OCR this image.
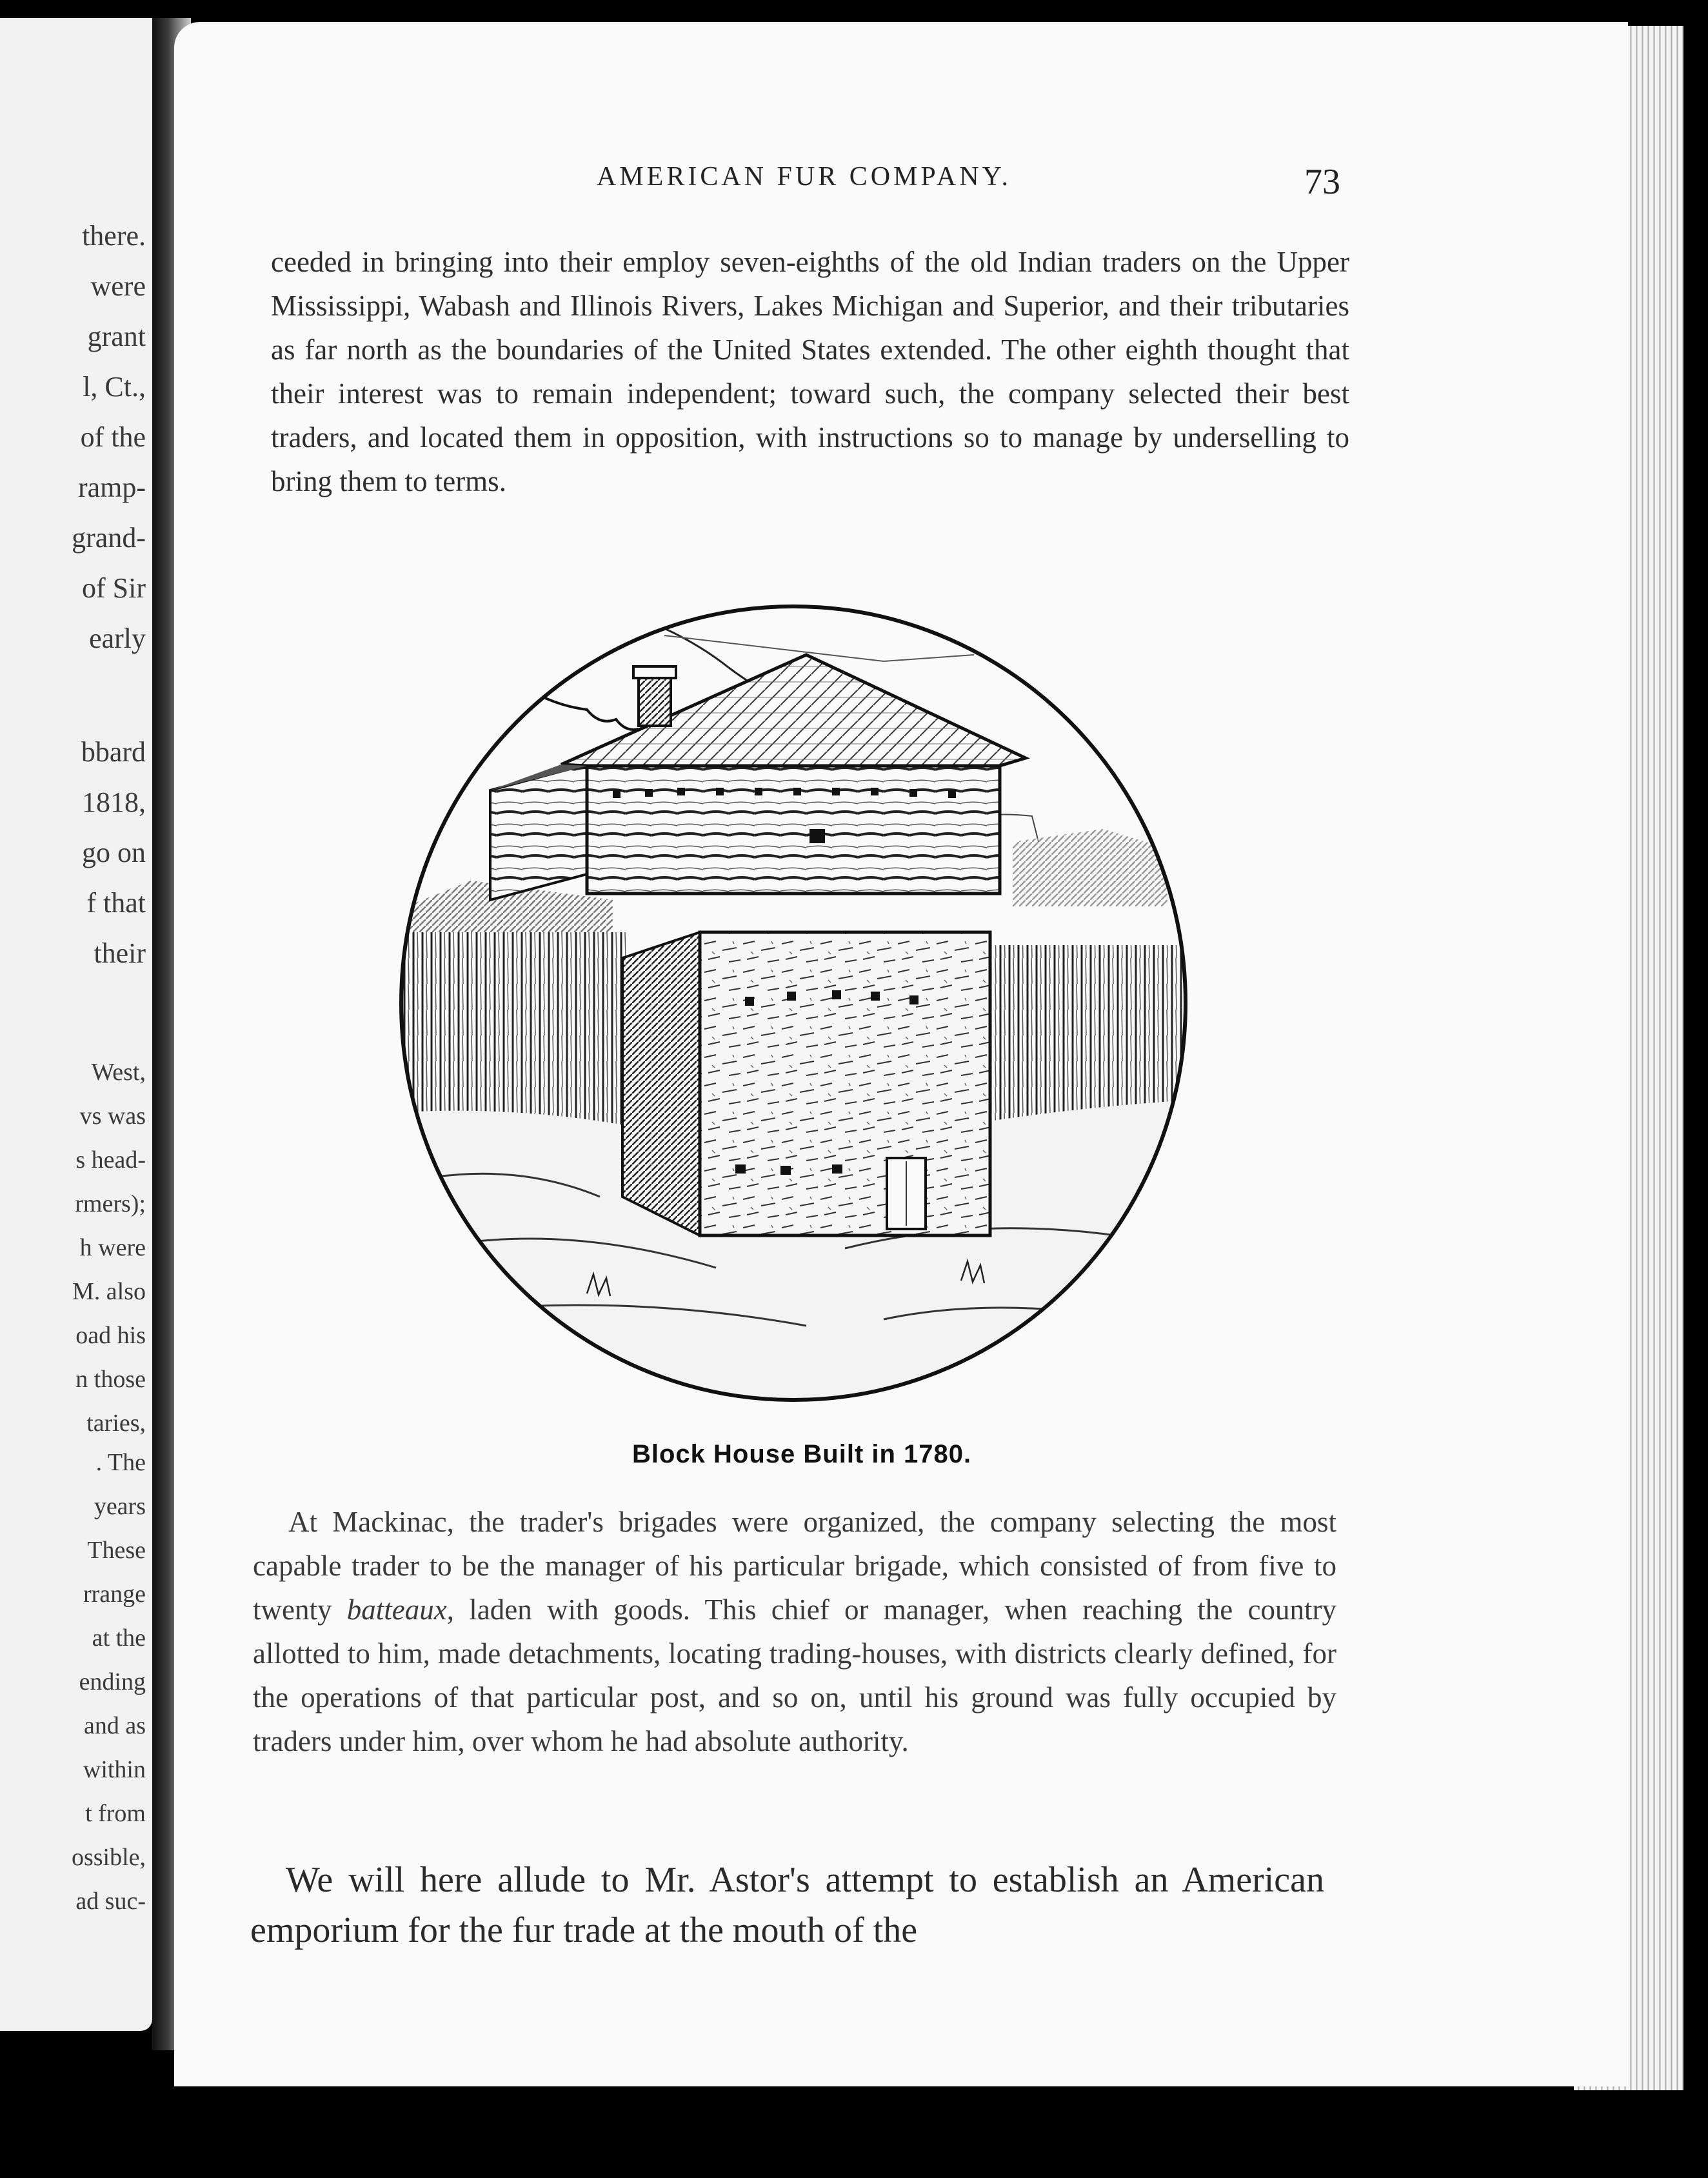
there.
were
grant
l, Ct.,
of the
ramp-
grand-
of Sir
early
bbard
1818,
go on
f that
their
West,
vs was
s head-
rmers);
h were
M. also
oad his
n those
taries,
. The
years
These
rrange
at the
ending
and as
within
t from
ossible,
ad suc-
AMERICAN FUR COMPANY.	73

ceeded in bringing into their employ seven-eighths of the old Indian traders on the Upper Mississippi, Wabash and Illinois Rivers, Lakes Michigan and Superior, and their tributaries as far north as the boundaries of the United States extended. The other eighth thought that their interest was to remain independent; toward such, the company selected their best traders, and located them in opposition, with instructions so to manage by underselling to bring them to terms.

Block House Built in 1780.

At Mackinac, the trader's brigades were organized, the company selecting the most capable trader to be the manager of his particular brigade, which consisted of from five to twenty batteaux, laden with goods. This chief or manager, when reaching the country allotted to him, made detachments, locating trading-houses, with districts clearly defined, for the operations of that particular post, and so on, until his ground was fully occupied by traders under him, over whom he had absolute authority.

We will here allude to Mr. Astor's attempt to establish an American emporium for the fur trade at the mouth of the
